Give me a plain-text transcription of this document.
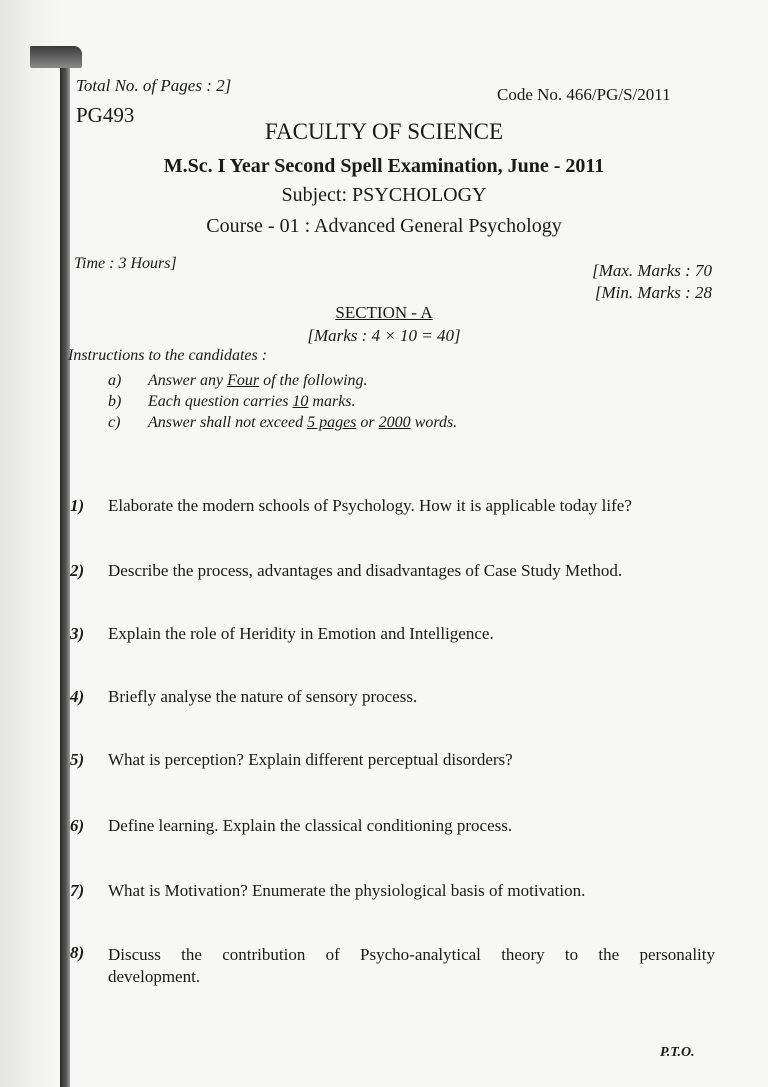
Total No. of Pages : 2]	Code No. 466/PG/S/2011
PG493
FACULTY OF SCIENCE
M.Sc. I Year Second Spell Examination, June - 2011
Subject: PSYCHOLOGY
Course - 01 : Advanced General Psychology
Time : 3 Hours]	[Max. Marks : 70
[Min. Marks : 28
SECTION - A
[Marks : 4 × 10 = 40]
Instructions to the candidates :
a) Answer any Four of the following.
b) Each question carries 10 marks.
c) Answer shall not exceed 5 pages or 2000 words.
1) Elaborate the modern schools of Psychology. How it is applicable today life?
2) Describe the process, advantages and disadvantages of Case Study Method.
3) Explain the role of Heridity in Emotion and Intelligence.
4) Briefly analyse the nature of sensory process.
5) What is perception? Explain different perceptual disorders?
6) Define learning. Explain the classical conditioning process.
7) What is Motivation? Enumerate the physiological basis of motivation.
8)	Discuss the contribution of Psycho-analytical theory to the personality
development.
P.T.O.
